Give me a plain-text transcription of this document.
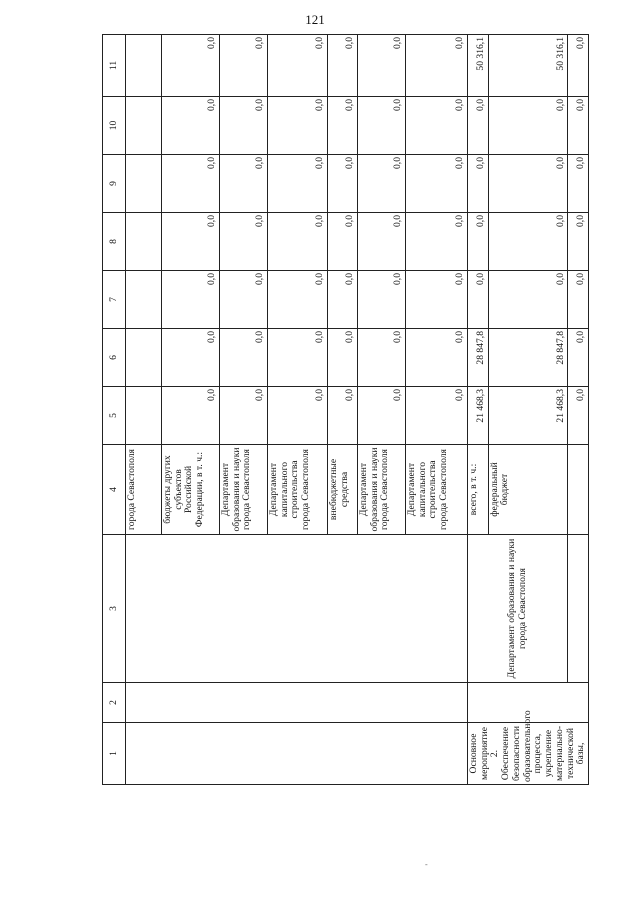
121
1	2	3	4	5	6	7	8	9	10	11
			города Севастополя							
			бюджеты других субъектов Российской Федерации, в т. ч.:	0,0	0,0	0,0	0,0	0,0	0,0	0,0
			Департамент образования и науки города Севастополя	0,0	0,0	0,0	0,0	0,0	0,0	0,0
			Департамент капитального строительства города Севастополя	0,0	0,0	0,0	0,0	0,0	0,0	0,0
			внебюджетные средства	0,0	0,0	0,0	0,0	0,0	0,0	0,0
			Департамент образования и науки города Севастополя	0,0	0,0	0,0	0,0	0,0	0,0	0,0
			Департамент капитального строительства города Севастополя	0,0	0,0	0,0	0,0	0,0	0,0	0,0
Основное мероприятие 2. Обеспечение безопасности образовательного процесса, укрепление материально-технической базы,		Департамент образования и науки города Севастополя	всего, в т. ч.:	21 468,3	28 847,8	0,0	0,0	0,0	0,0	50 316,1
			федеральный бюджет	21 468,3	28 847,8	0,0	0,0	0,0	0,0	50 316,1
				0,0	0,0	0,0	0,0	0,0	0,0	0,0
-
